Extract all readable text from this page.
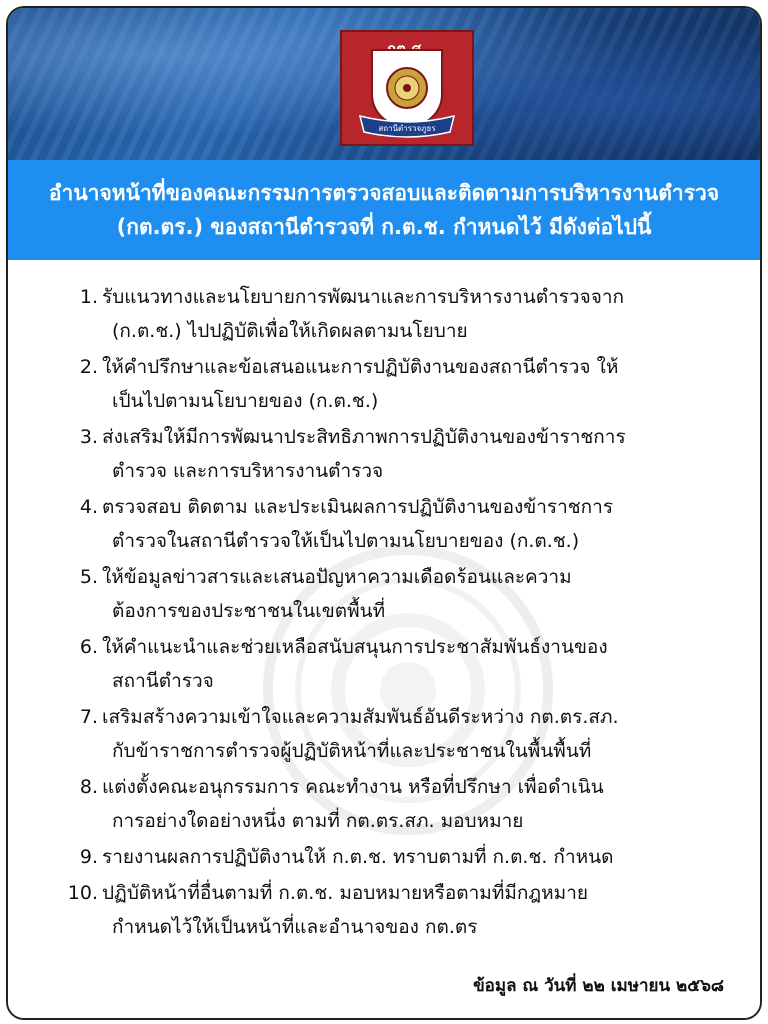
สถานีตำรวจภูธร
อำนาจหน้าที่ของคณะกรรมการตรวจสอบและติดตามการบริหารงานตำรวจ
(กต.ตร.) ของสถานีตำรวจที่ ก.ต.ช. กำหนดไว้ มีดังต่อไปนี้
1. รับแนวทางและนโยบายการพัฒนาและการบริหารงานตำรวจจาก
(ก.ต.ช.) ไปปฏิบัติเพื่อให้เกิดผลตามนโยบาย
2. ให้คำปรึกษาและข้อเสนอแนะการปฏิบัติงานของสถานีตำรวจ ให้
เป็นไปตามนโยบายของ (ก.ต.ช.)
3. ส่งเสริมให้มีการพัฒนาประสิทธิภาพการปฏิบัติงานของข้าราชการ
ตำรวจ และการบริหารงานตำรวจ
4. ตรวจสอบ ติดตาม และประเมินผลการปฏิบัติงานของข้าราชการ
ตำรวจในสถานีตำรวจให้เป็นไปตามนโยบายของ (ก.ต.ช.)
5. ให้ข้อมูลข่าวสารและเสนอปัญหาความเดือดร้อนและความ
ต้องการของประชาชนในเขตพื้นที่
6. ให้คำแนะนำและช่วยเหลือสนับสนุนการประชาสัมพันธ์งานของ
สถานีตำรวจ
7. เสริมสร้างความเข้าใจและความสัมพันธ์อันดีระหว่าง กต.ตร.สภ.
กับข้าราชการตำรวจผู้ปฏิบัติหน้าที่และประชาชนในพื้นพื้นที่
8. แต่งตั้งคณะอนุกรรมการ คณะทำงาน หรือที่ปรึกษา เพื่อดำเนิน
การอย่างใดอย่างหนึ่ง ตามที่ กต.ตร.สภ. มอบหมาย
9. รายงานผลการปฏิบัติงานให้ ก.ต.ช. ทราบตามที่ ก.ต.ช. กำหนด
10. ปฏิบัติหน้าที่อื่นตามที่ ก.ต.ช. มอบหมายหรือตามที่มีกฎหมาย
กำหนดไว้ให้เป็นหน้าที่และอำนาจของ กต.ตร
ข้อมูล ณ วันที่ ๒๒ เมษายน ๒๕๖๘
